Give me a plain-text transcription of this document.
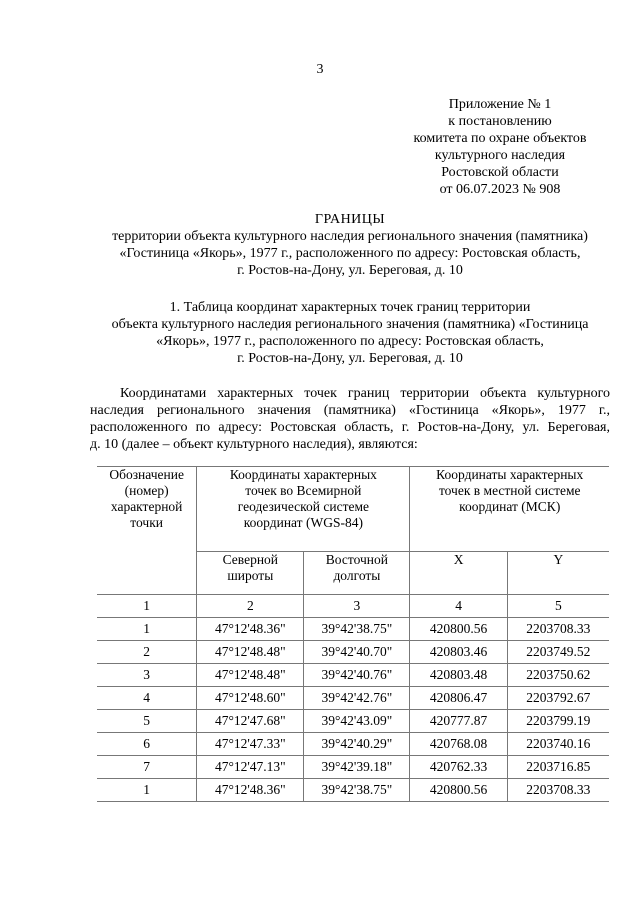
3
Приложение № 1
к постановлению
комитета по охране объектов
культурного наследия
Ростовской области
от 06.07.2023 № 908
ГРАНИЦЫ
территории объекта культурного наследия регионального значения (памятника)
«Гостиница «Якорь», 1977 г., расположенного по адресу: Ростовская область,
г. Ростов-на-Дону, ул. Береговая, д. 10
1. Таблица координат характерных точек границ территории
объекта культурного наследия регионального значения (памятника) «Гостиница
«Якорь», 1977 г., расположенного по адресу: Ростовская область,
г. Ростов-на-Дону, ул. Береговая, д. 10
Координатами характерных точек границ территории объекта культурного
наследия регионального значения (памятника) «Гостиница «Якорь», 1977 г.,
расположенного по адресу: Ростовская область, г. Ростов-на-Дону, ул. Береговая,
д. 10 (далее – объект культурного наследия), являются:
Обозначение
(номер)
характерной
точки	Координаты характерных
точек во Всемирной
геодезической системе
координат (WGS-84)		Координаты характерных
точек в местной системе
координат (МСК)	

	Северной
широты	Восточной
долготы	X	Y
1	2	3	4	5
1	47°12'48.36"	39°42'38.75"	420800.56	2203708.33
2	47°12'48.48"	39°42'40.70"	420803.46	2203749.52
3	47°12'48.48"	39°42'40.76"	420803.48	2203750.62
4	47°12'48.60"	39°42'42.76"	420806.47	2203792.67
5	47°12'47.68"	39°42'43.09"	420777.87	2203799.19
6	47°12'47.33"	39°42'40.29"	420768.08	2203740.16
7	47°12'47.13"	39°42'39.18"	420762.33	2203716.85
1	47°12'48.36"	39°42'38.75"	420800.56	2203708.33
